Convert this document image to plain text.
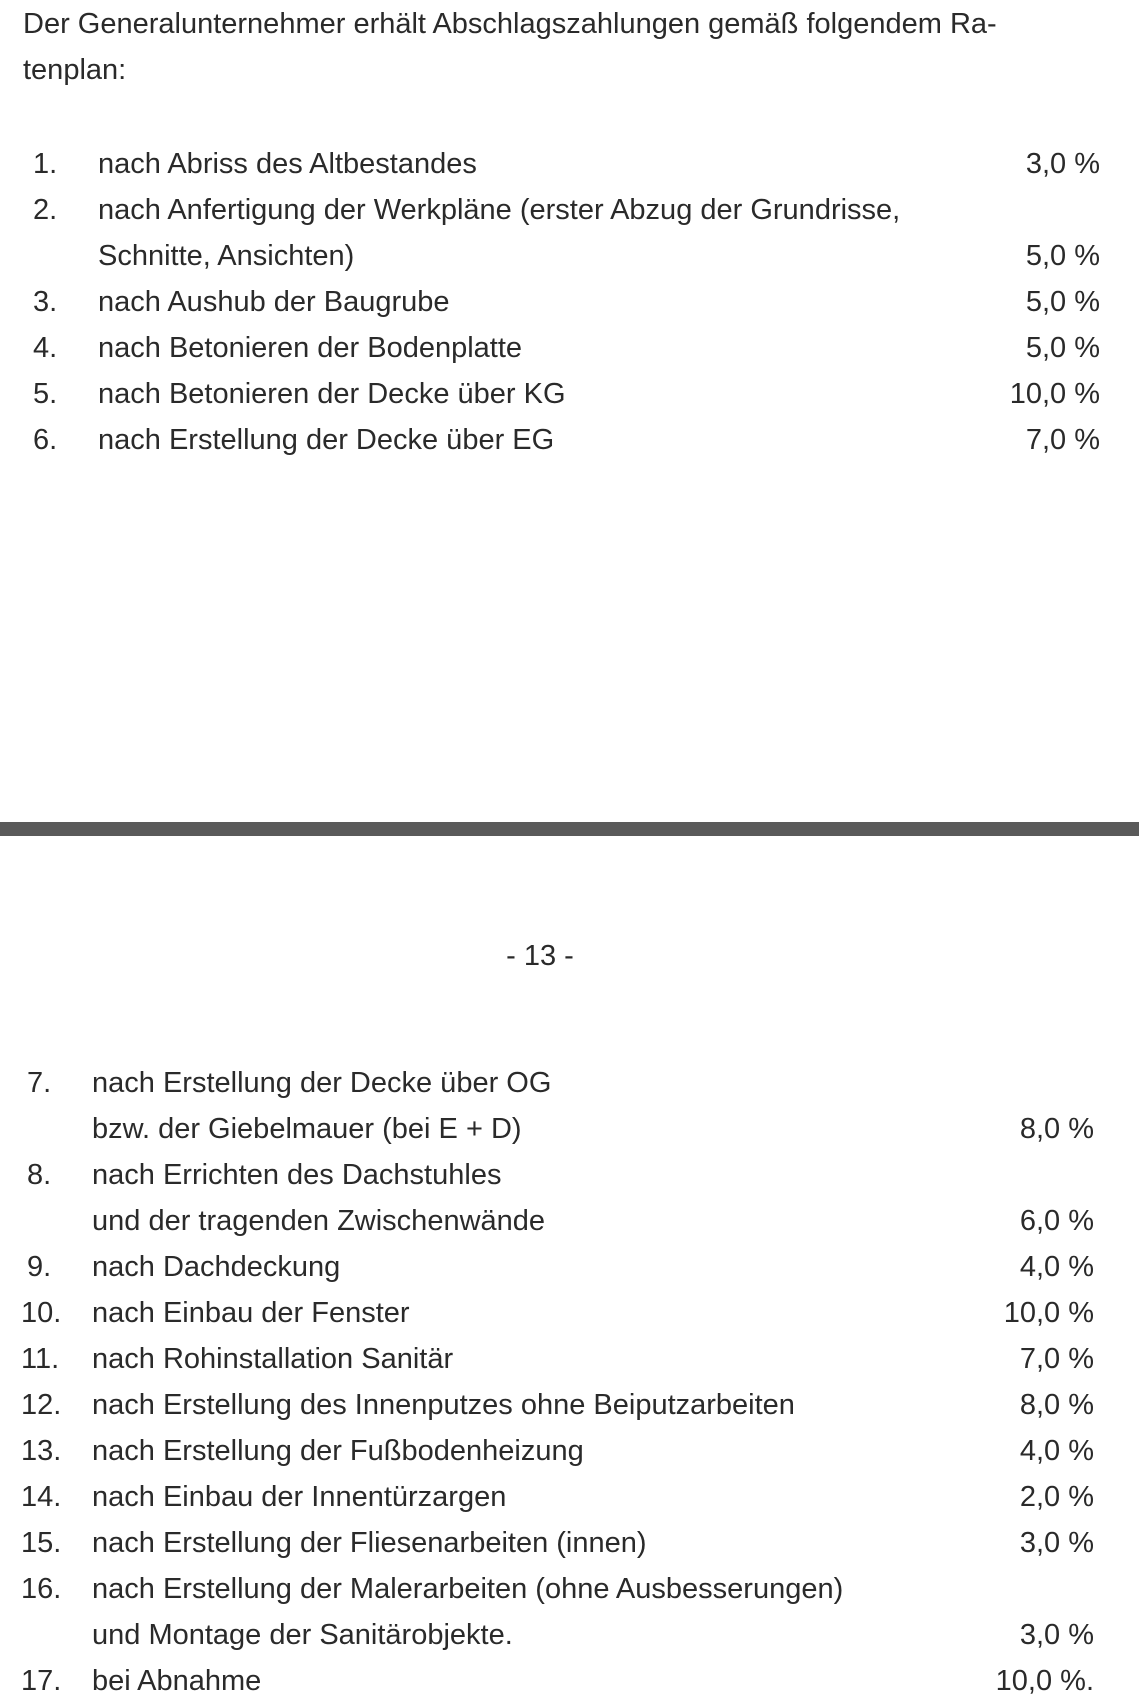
Der Generalunternehmer erhält Abschlagszahlungen gemäß folgendem Ra-
tenplan:
1. nach Abriss des Altbestandes	3,0 %
2. nach Anfertigung der Werkpläne (erster Abzug der Grundrisse,
Schnitte, Ansichten)	5,0 %
3. nach Aushub der Baugrube	5,0 %
4. nach Betonieren der Bodenplatte	5,0 %
5. nach Betonieren der Decke über KG	10,0 %
6. nach Erstellung der Decke über EG	7,0 %
- 13 -
7. nach Erstellung der Decke über OG
bzw. der Giebelmauer (bei E + D)	8,0 %
8. nach Errichten des Dachstuhles
und der tragenden Zwischenwände	6,0 %
9. nach Dachdeckung	4,0 %
10. nach Einbau der Fenster	10,0 %
11. nach Rohinstallation Sanitär	7,0 %
12. nach Erstellung des Innenputzes ohne Beiputzarbeiten	8,0 %
13. nach Erstellung der Fußbodenheizung	4,0 %
14. nach Einbau der Innentürzargen	2,0 %
15. nach Erstellung der Fliesenarbeiten (innen)	3,0 %
16. nach Erstellung der Malerarbeiten (ohne Ausbesserungen)
und Montage der Sanitärobjekte.	3,0 %
17. bei Abnahme	10,0 %.
